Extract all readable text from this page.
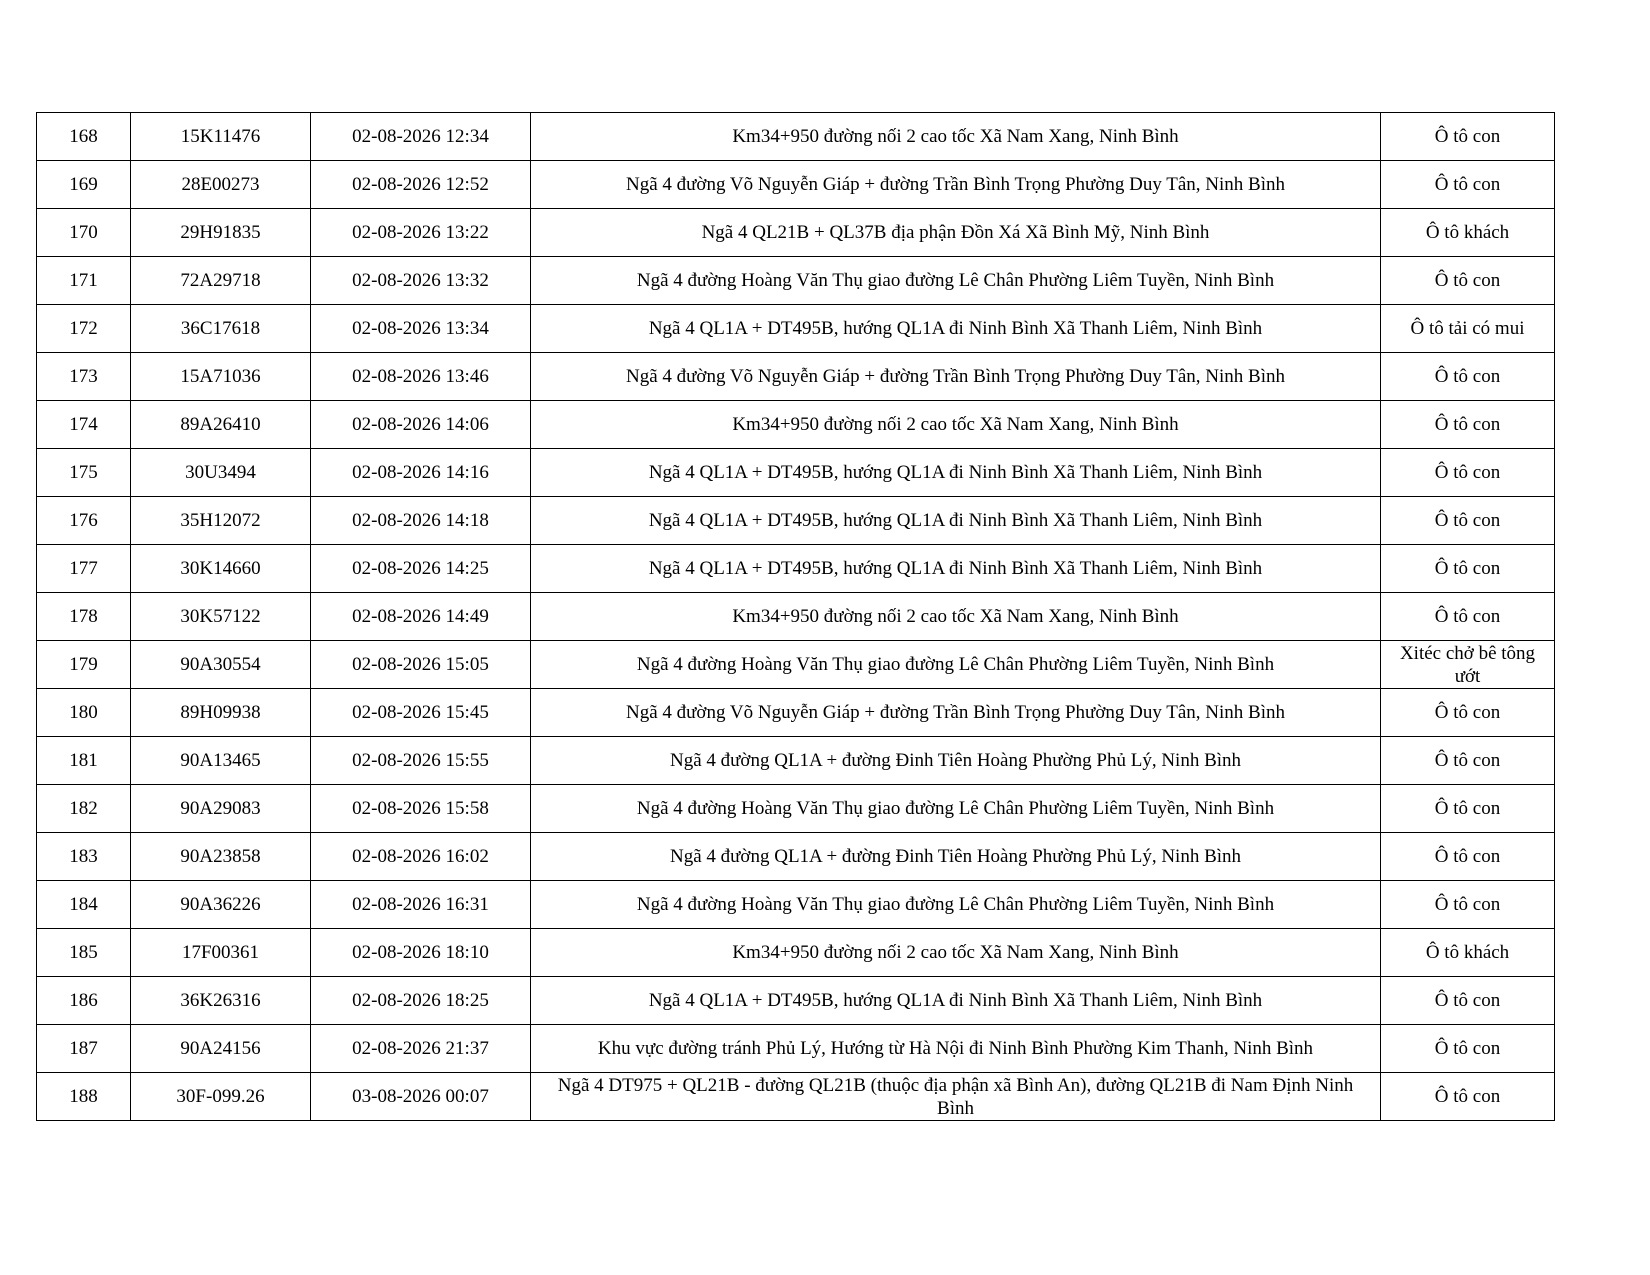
168	15K11476	02-08-2026 12:34	Km34+950 đường nối 2 cao tốc Xã Nam Xang, Ninh Bình	Ô tô con
169	28E00273	02-08-2026 12:52	Ngã 4 đường Võ Nguyễn Giáp + đường Trần Bình Trọng Phường Duy Tân, Ninh Bình	Ô tô con
170	29H91835	02-08-2026 13:22	Ngã 4 QL21B + QL37B địa phận Đồn Xá Xã Bình Mỹ, Ninh Bình	Ô tô khách
171	72A29718	02-08-2026 13:32	Ngã 4 đường Hoàng Văn Thụ giao đường Lê Chân Phường Liêm Tuyền, Ninh Bình	Ô tô con
172	36C17618	02-08-2026 13:34	Ngã 4 QL1A + DT495B, hướng QL1A đi Ninh Bình Xã Thanh Liêm, Ninh Bình	Ô tô tải có mui
173	15A71036	02-08-2026 13:46	Ngã 4 đường Võ Nguyễn Giáp + đường Trần Bình Trọng Phường Duy Tân, Ninh Bình	Ô tô con
174	89A26410	02-08-2026 14:06	Km34+950 đường nối 2 cao tốc Xã Nam Xang, Ninh Bình	Ô tô con
175	30U3494	02-08-2026 14:16	Ngã 4 QL1A + DT495B, hướng QL1A đi Ninh Bình Xã Thanh Liêm, Ninh Bình	Ô tô con
176	35H12072	02-08-2026 14:18	Ngã 4 QL1A + DT495B, hướng QL1A đi Ninh Bình Xã Thanh Liêm, Ninh Bình	Ô tô con
177	30K14660	02-08-2026 14:25	Ngã 4 QL1A + DT495B, hướng QL1A đi Ninh Bình Xã Thanh Liêm, Ninh Bình	Ô tô con
178	30K57122	02-08-2026 14:49	Km34+950 đường nối 2 cao tốc Xã Nam Xang, Ninh Bình	Ô tô con
179	90A30554	02-08-2026 15:05	Ngã 4 đường Hoàng Văn Thụ giao đường Lê Chân Phường Liêm Tuyền, Ninh Bình	Xitéc chở bê tông ướt
180	89H09938	02-08-2026 15:45	Ngã 4 đường Võ Nguyễn Giáp + đường Trần Bình Trọng Phường Duy Tân, Ninh Bình	Ô tô con
181	90A13465	02-08-2026 15:55	Ngã 4 đường QL1A + đường Đinh Tiên Hoàng Phường Phủ Lý, Ninh Bình	Ô tô con
182	90A29083	02-08-2026 15:58	Ngã 4 đường Hoàng Văn Thụ giao đường Lê Chân Phường Liêm Tuyền, Ninh Bình	Ô tô con
183	90A23858	02-08-2026 16:02	Ngã 4 đường QL1A + đường Đinh Tiên Hoàng Phường Phủ Lý, Ninh Bình	Ô tô con
184	90A36226	02-08-2026 16:31	Ngã 4 đường Hoàng Văn Thụ giao đường Lê Chân Phường Liêm Tuyền, Ninh Bình	Ô tô con
185	17F00361	02-08-2026 18:10	Km34+950 đường nối 2 cao tốc Xã Nam Xang, Ninh Bình	Ô tô khách
186	36K26316	02-08-2026 18:25	Ngã 4 QL1A + DT495B, hướng QL1A đi Ninh Bình Xã Thanh Liêm, Ninh Bình	Ô tô con
187	90A24156	02-08-2026 21:37	Khu vực đường tránh Phủ Lý, Hướng từ Hà Nội đi Ninh Bình Phường Kim Thanh, Ninh Bình	Ô tô con
188	30F-099.26	03-08-2026 00:07	Ngã 4 DT975 + QL21B - đường QL21B (thuộc địa phận xã Bình An), đường QL21B đi Nam Định Ninh Bình	Ô tô con
